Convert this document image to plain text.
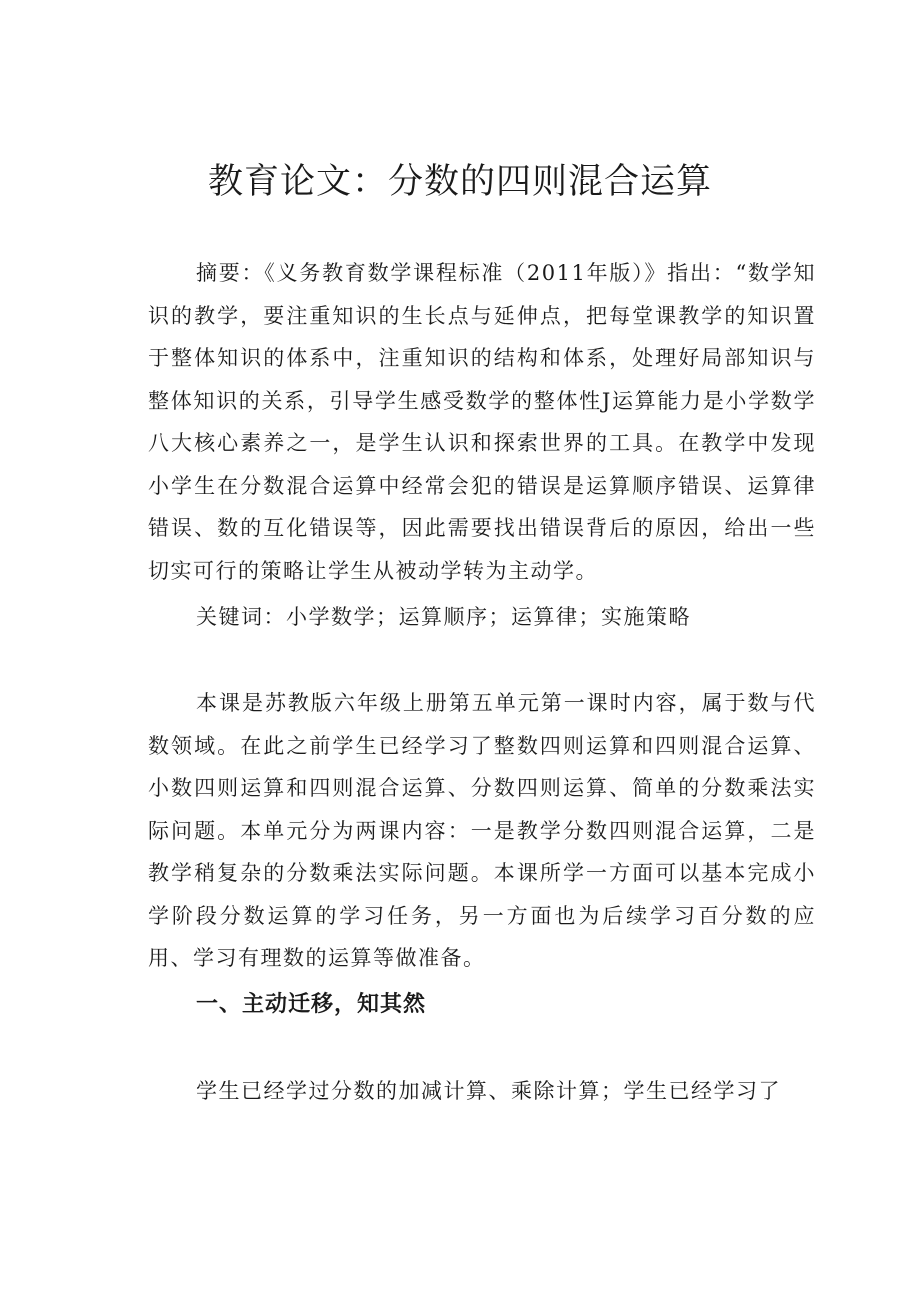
教育论文：分数的四则混合运算

摘要：《义务教育数学课程标准（2011年版）》指出：“数学知识的教学，要注重知识的生长点与延伸点，把每堂课教学的知识置于整体知识的体系中，注重知识的结构和体系，处理好局部知识与整体知识的关系，引导学生感受数学的整体性J运算能力是小学数学八大核心素养之一，是学生认识和探索世界的工具。在教学中发现小学生在分数混合运算中经常会犯的错误是运算顺序错误、运算律错误、数的互化错误等，因此需要找出错误背后的原因，给出一些切实可行的策略让学生从被动学转为主动学。

关键词：小学数学；运算顺序；运算律；实施策略

本课是苏教版六年级上册第五单元第一课时内容，属于数与代数领域。在此之前学生已经学习了整数四则运算和四则混合运算、小数四则运算和四则混合运算、分数四则运算、简单的分数乘法实际问题。本单元分为两课内容：一是教学分数四则混合运算，二是教学稍复杂的分数乘法实际问题。本课所学一方面可以基本完成小学阶段分数运算的学习任务，另一方面也为后续学习百分数的应用、学习有理数的运算等做准备。

一、主动迁移，知其然

学生已经学过分数的加减计算、乘除计算；学生已经学习了
